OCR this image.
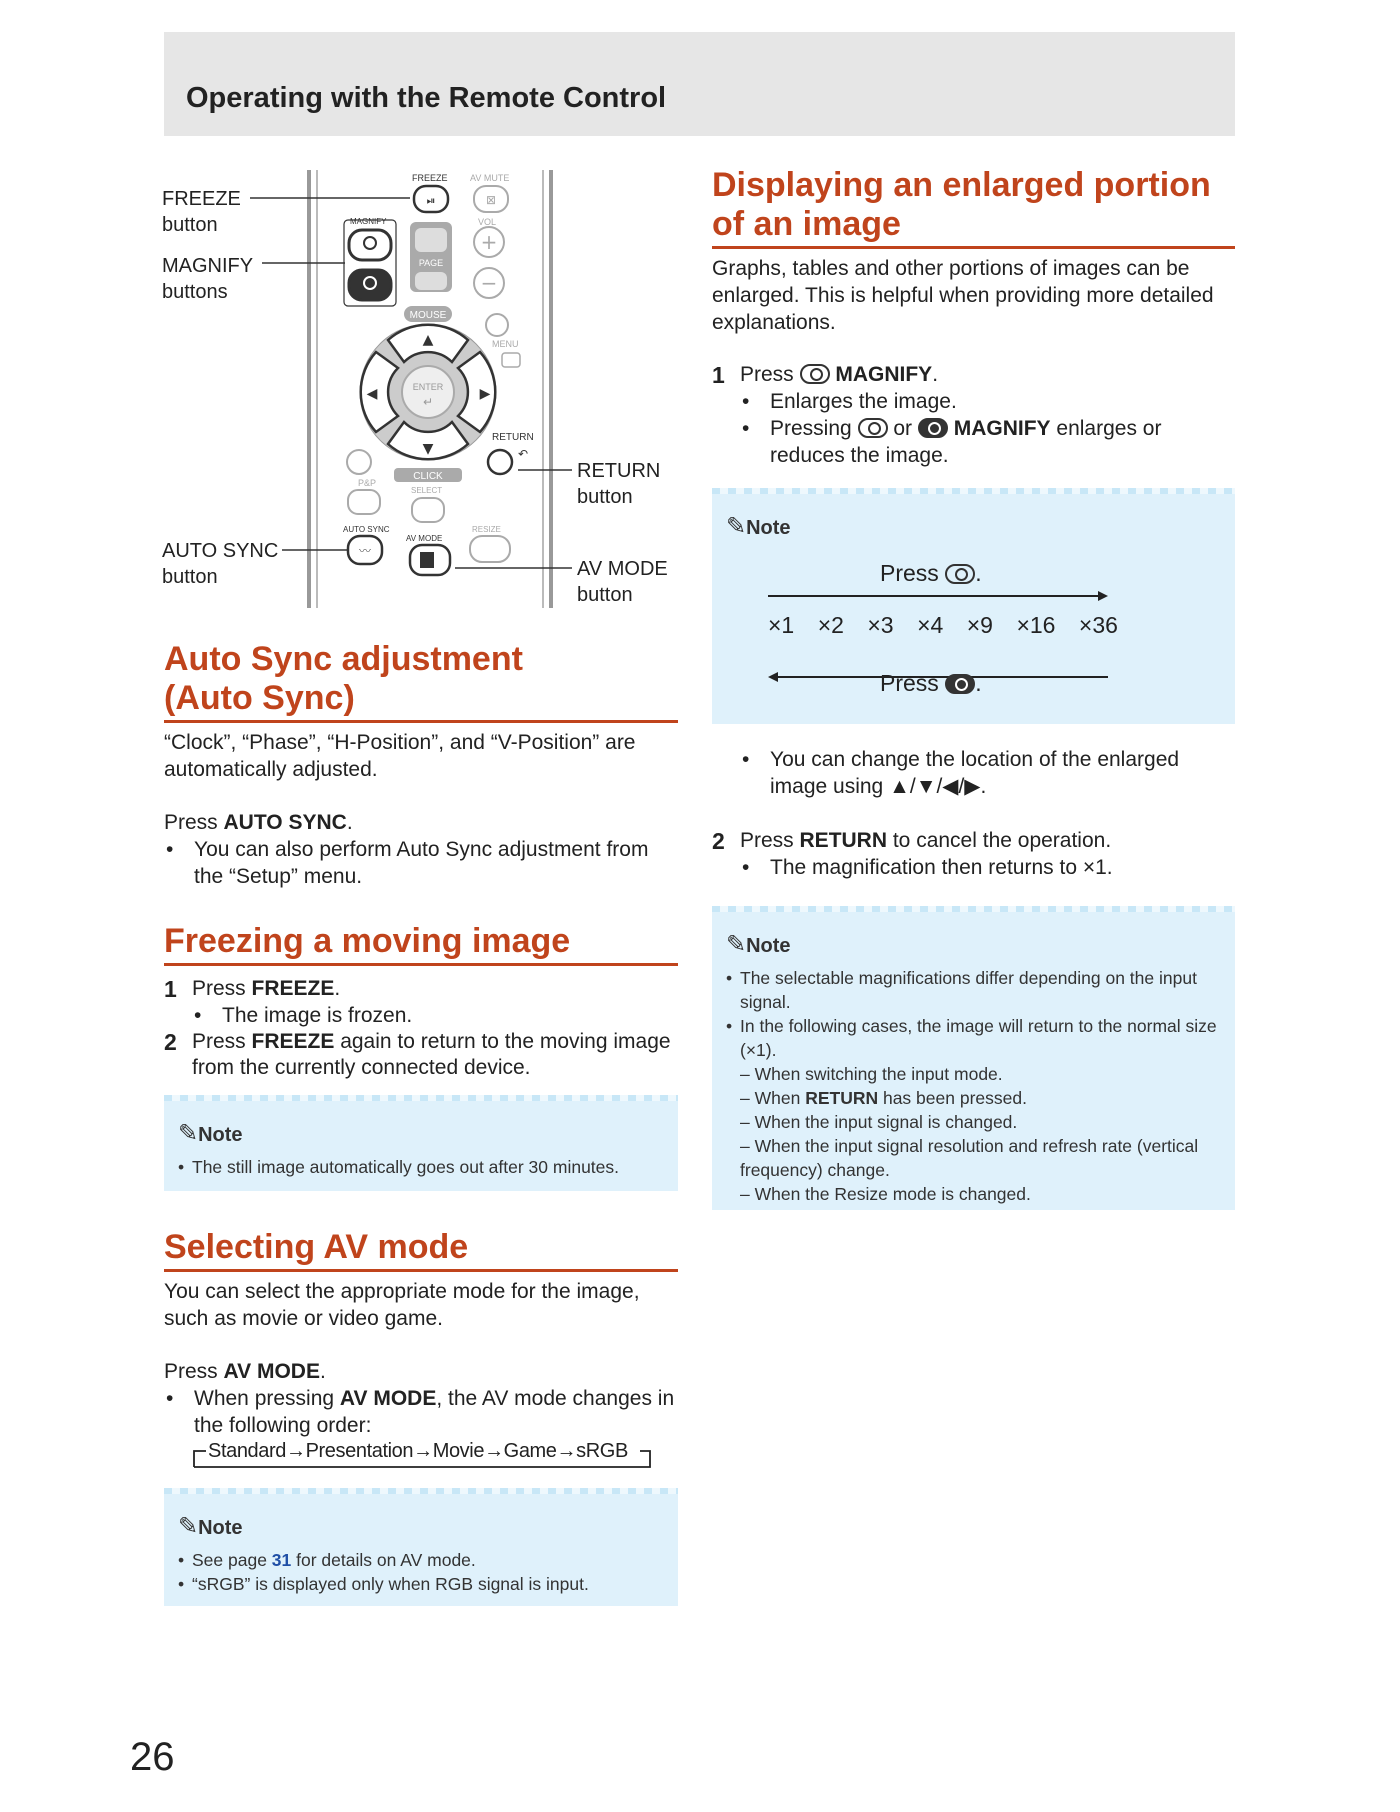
Operating with the Remote Control
FREEZE
button
MAGNIFY
buttons
AUTO SYNC
button
RETURN
button
AV MODE
button
FREEZE AV MUTE
⏯	⊠
MAGNIFY
PAGE
VOL
+
−
MOUSE
MENU
▲
▼
◀	▶
ENTER
↵
RETURN
↶
P&P
CLICK
SELECT
AUTO SYNC
〰
AV MODE
RESIZE
Auto Sync adjustment
(Auto Sync)

“Clock”, “Phase”, “H-Position”, and “V-Position” are automatically adjusted.

Press AUTO SYNC.

• You can also perform Auto Sync adjustment from the “Setup” menu.
Freezing a moving image
1 Press FREEZE.
• The image is frozen.
2 Press FREEZE again to return to the moving image from the currently connected device.
✎Note
• The still image automatically goes out after 30 minutes.
Selecting AV mode

You can select the appropriate mode for the image, such as movie or video game.

Press AV MODE.

• When pressing AV MODE, the AV mode changes in the following order:
Standard→Presentation→Movie→Game→sRGB
✎Note
• See page 31 for details on AV mode.
• “sRGB” is displayed only when RGB signal is input.
Displaying an enlarged portion
of an image

Graphs, tables and other portions of images can be enlarged. This is helpful when providing more detailed explanations.

1 Press  MAGNIFY.
• Enlarges the image.
• Pressing  or  MAGNIFY enlarges or reduces the image.
✎Note
Press .
×1 ×2 ×3 ×4 ×9 ×16 ×36
Press .
• You can change the location of the enlarged image using ▲/▼/◀/▶.
2 Press RETURN to cancel the operation.
• The magnification then returns to ×1.
✎Note
• The selectable magnifications differ depending on the input signal.
• In the following cases, the image will return to the normal size (×1).
– When switching the input mode.
– When RETURN has been pressed.
– When the input signal is changed.
– When the input signal resolution and refresh rate (vertical frequency) change.
– When the Resize mode is changed.
26
